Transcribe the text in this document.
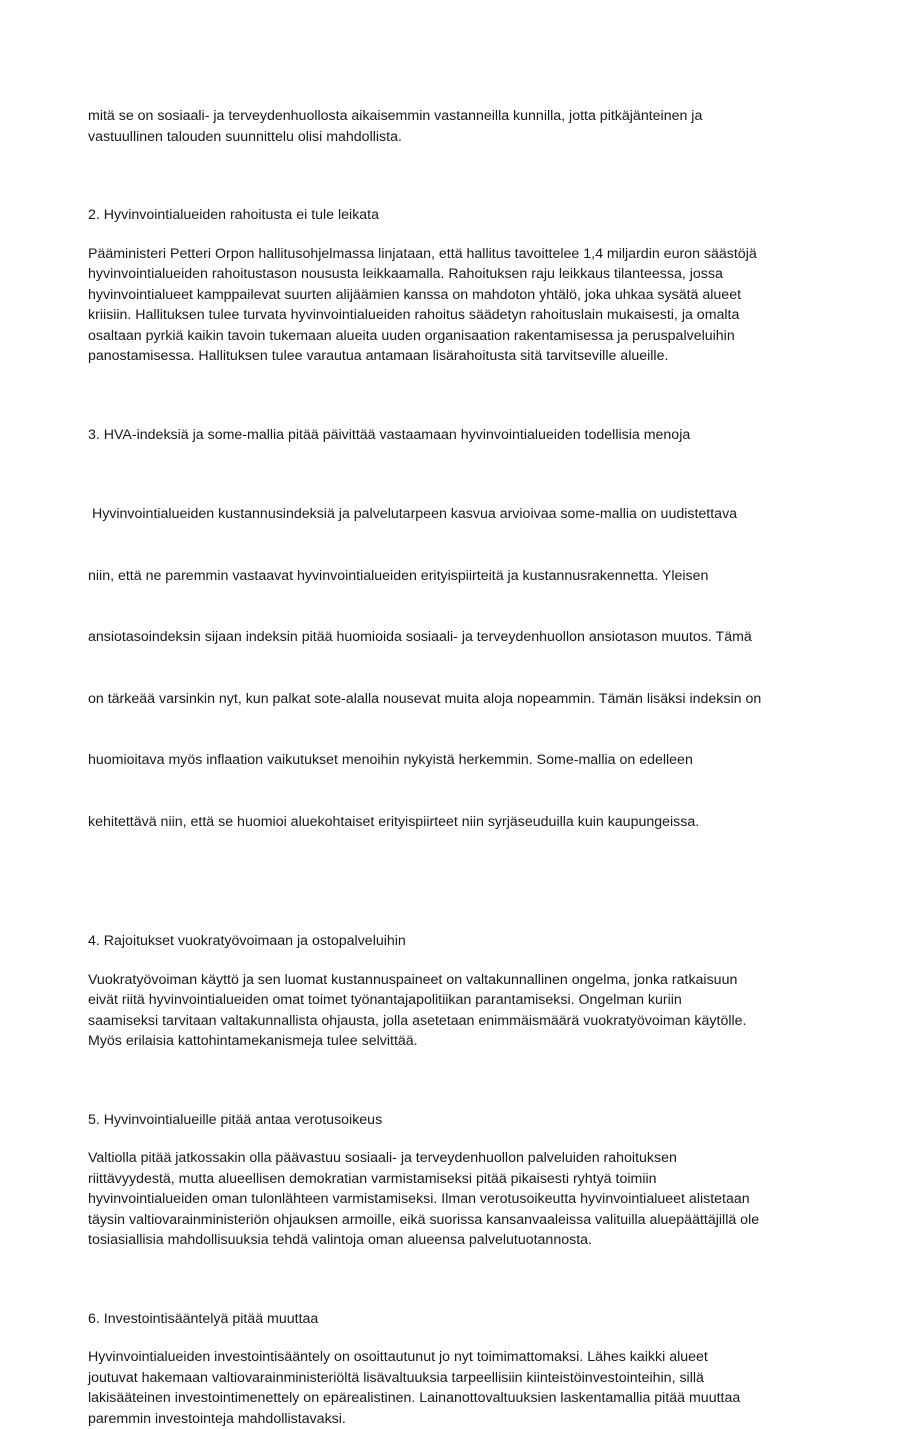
mitä se on sosiaali- ja terveydenhuollosta aikaisemmin vastanneilla kunnilla, jotta pitkäjänteinen ja
vastuullinen talouden suunnittelu olisi mahdollista.

2. Hyvinvointialueiden rahoitusta ei tule leikata

Pääministeri Petteri Orpon hallitusohjelmassa linjataan, että hallitus tavoittelee 1,4 miljardin euron säästöjä
hyvinvointialueiden rahoitustason noususta leikkaamalla. Rahoituksen raju leikkaus tilanteessa, jossa
hyvinvointialueet kamppailevat suurten alijäämien kanssa on mahdoton yhtälö, joka uhkaa sysätä alueet
kriisiin. Hallituksen tulee turvata hyvinvointialueiden rahoitus säädetyn rahoituslain mukaisesti, ja omalta
osaltaan pyrkiä kaikin tavoin tukemaan alueita uuden organisaation rakentamisessa ja peruspalveluihin
panostamisessa. Hallituksen tulee varautua antamaan lisärahoitusta sitä tarvitseville alueille.

3. HVA-indeksiä ja some-mallia pitää päivittää vastaamaan hyvinvointialueiden todellisia menoja

Hyvinvointialueiden kustannusindeksiä ja palvelutarpeen kasvua arvioivaa some-mallia on uudistettava

niin, että ne paremmin vastaavat hyvinvointialueiden erityispiirteitä ja kustannusrakennetta. Yleisen

ansiotasoindeksin sijaan indeksin pitää huomioida sosiaali- ja terveydenhuollon ansiotason muutos. Tämä

on tärkeää varsinkin nyt, kun palkat sote-alalla nousevat muita aloja nopeammin. Tämän lisäksi indeksin on

huomioitava myös inflaation vaikutukset menoihin nykyistä herkemmin. Some-mallia on edelleen

kehitettävä niin, että se huomioi aluekohtaiset erityispiirteet niin syrjäseuduilla kuin kaupungeissa.

4. Rajoitukset vuokratyövoimaan ja ostopalveluihin

Vuokratyövoiman käyttö ja sen luomat kustannuspaineet on valtakunnallinen ongelma, jonka ratkaisuun
eivät riitä hyvinvointialueiden omat toimet työnantajapolitiikan parantamiseksi. Ongelman kuriin
saamiseksi tarvitaan valtakunnallista ohjausta, jolla asetetaan enimmäismäärä vuokratyövoiman käytölle.
Myös erilaisia kattohintamekanismeja tulee selvittää.

5. Hyvinvointialueille pitää antaa verotusoikeus

Valtiolla pitää jatkossakin olla päävastuu sosiaali- ja terveydenhuollon palveluiden rahoituksen
riittävyydestä, mutta alueellisen demokratian varmistamiseksi pitää pikaisesti ryhtyä toimiin
hyvinvointialueiden oman tulonlähteen varmistamiseksi. Ilman verotusoikeutta hyvinvointialueet alistetaan
täysin valtiovarainministeriön ohjauksen armoille, eikä suorissa kansanvaaleissa valituilla aluepäättäjillä ole
tosiasiallisia mahdollisuuksia tehdä valintoja oman alueensa palvelutuotannosta.

6. Investointisääntelyä pitää muuttaa

Hyvinvointialueiden investointisääntely on osoittautunut jo nyt toimimattomaksi. Lähes kaikki alueet
joutuvat hakemaan valtiovarainministeriöltä lisävaltuuksia tarpeellisiin kiinteistöinvestointeihin, sillä
lakisääteinen investointimenettely on epärealistinen. Lainanottovaltuuksien laskentamallia pitää muuttaa
paremmin investointeja mahdollistavaksi.
